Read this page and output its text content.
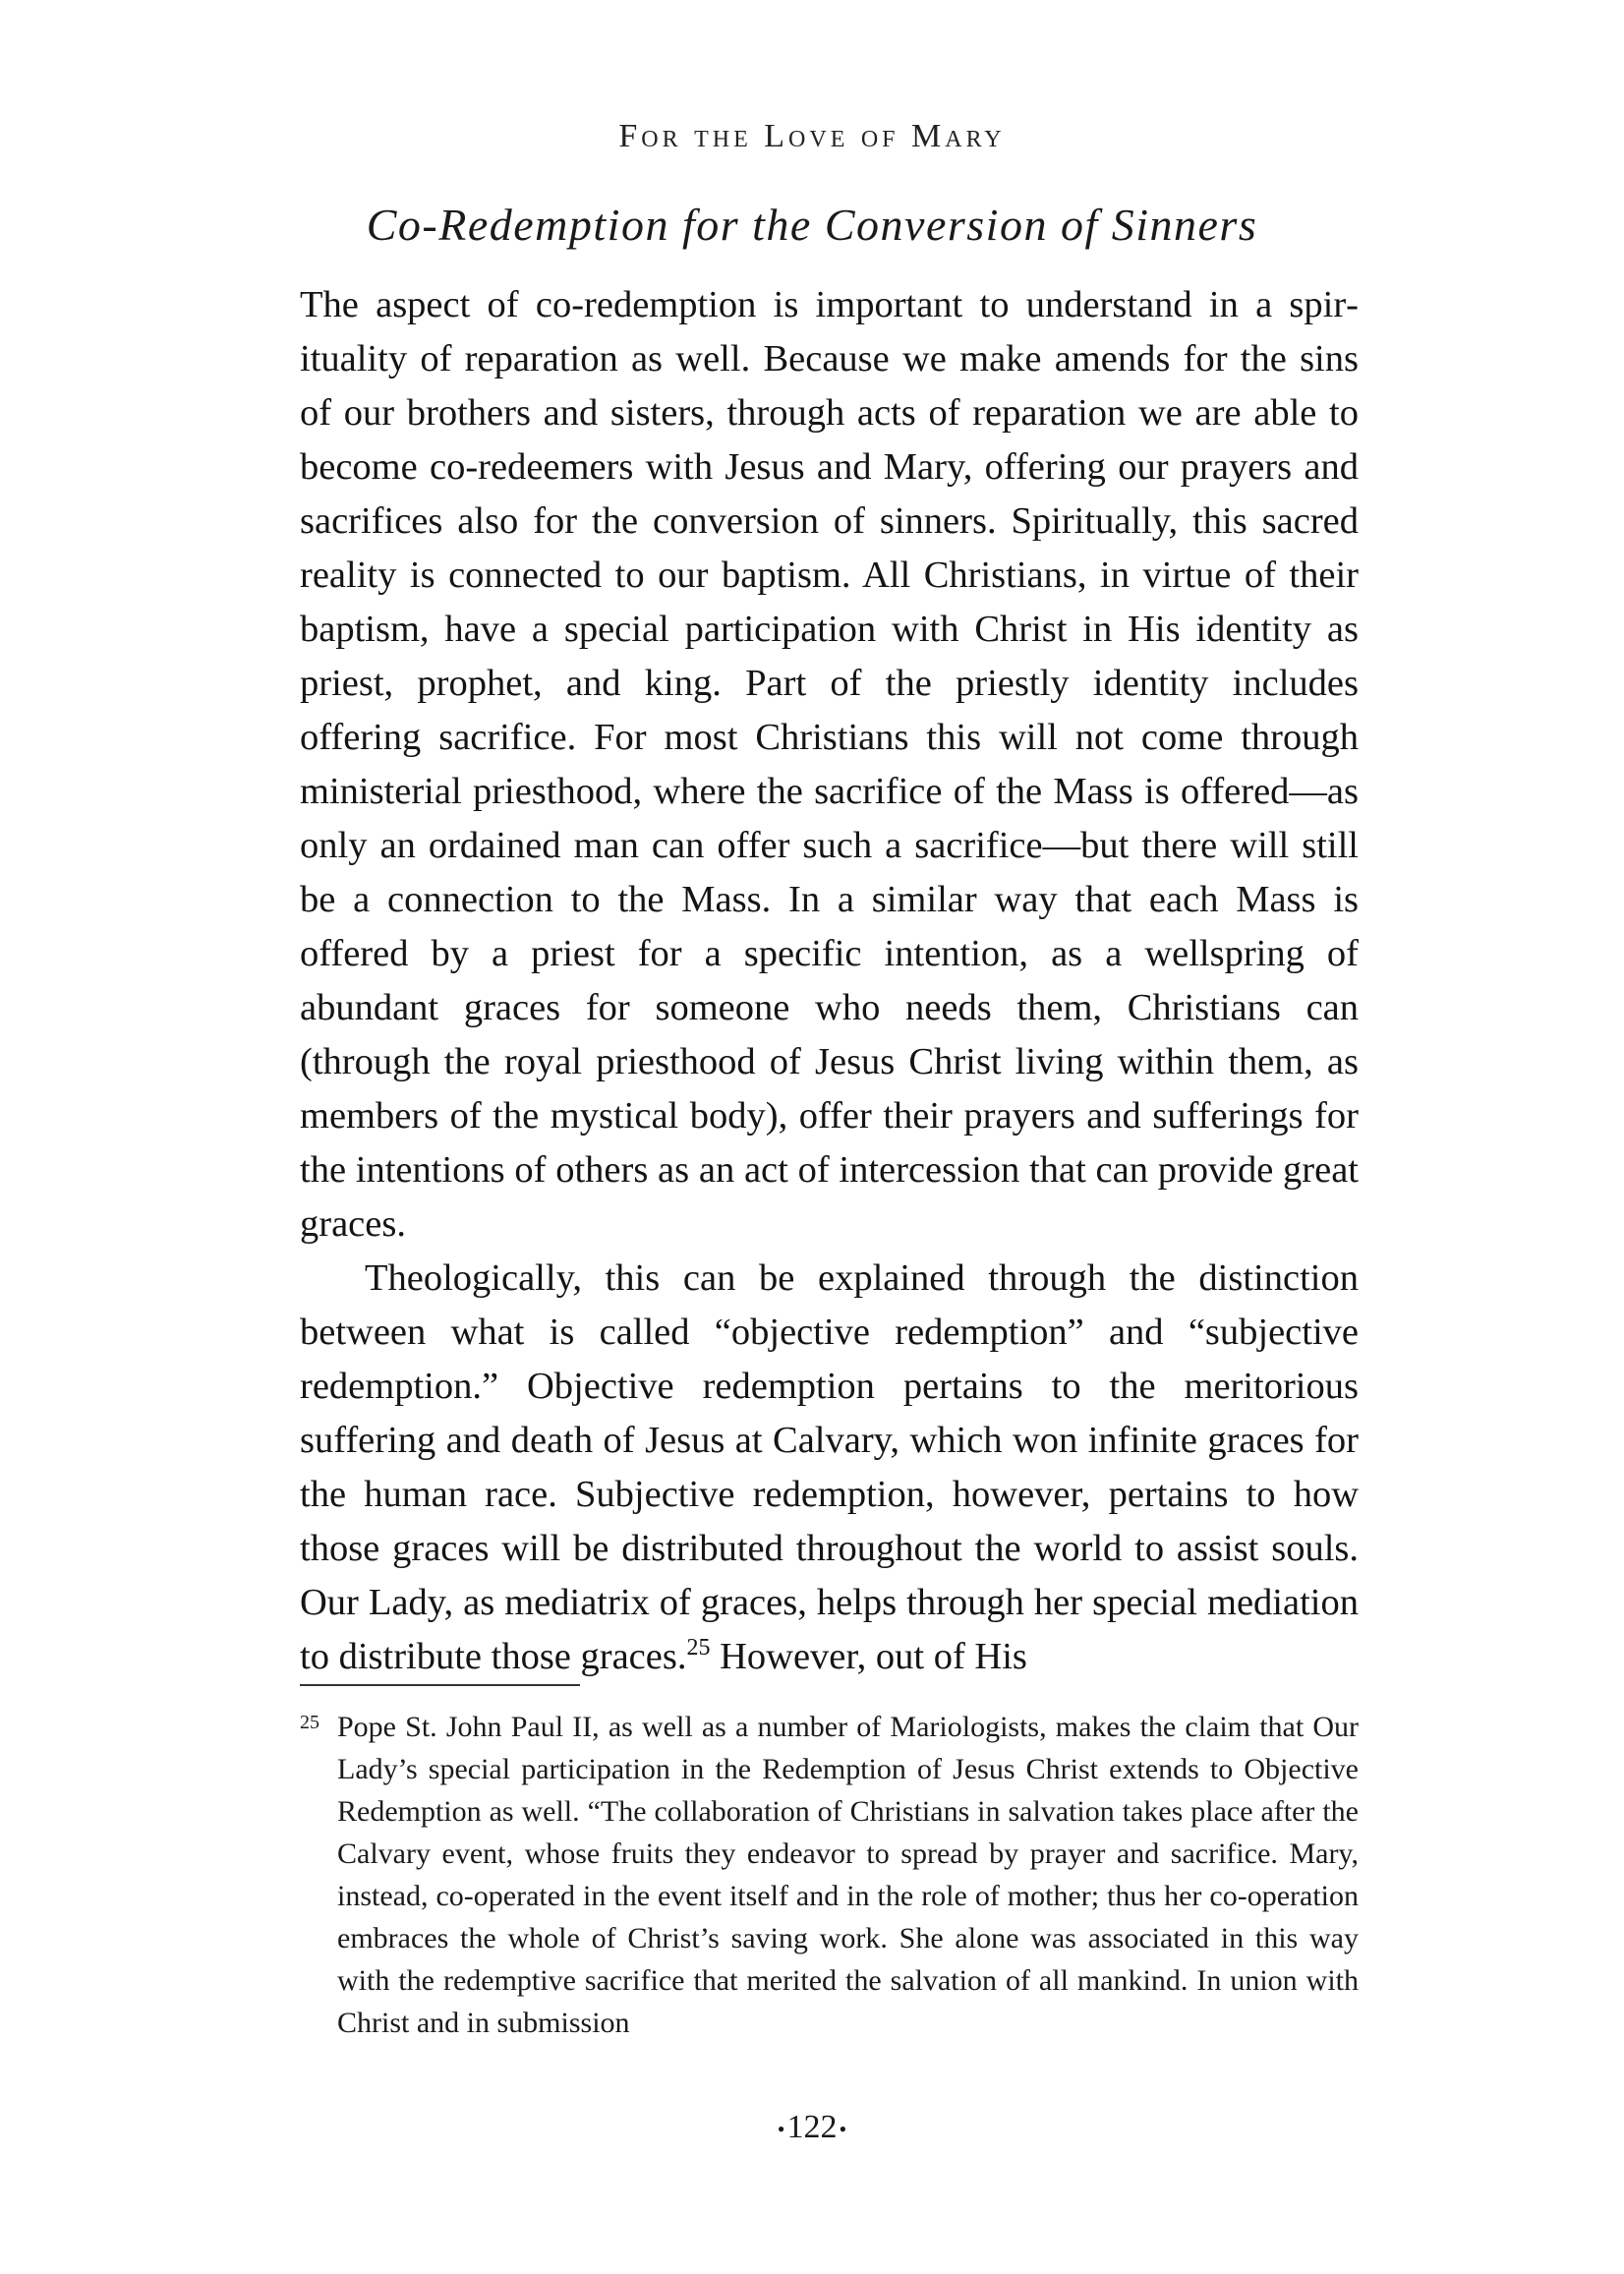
For the Love of Mary
Co-Redemption for the Conversion of Sinners

The aspect of co-redemption is important to understand in a spirituality of reparation as well. Because we make amends for the sins of our brothers and sisters, through acts of reparation we are able to become co-redeemers with Jesus and Mary, offering our prayers and sacrifices also for the conversion of sinners. Spiritually, this sacred reality is connected to our baptism. All Christians, in virtue of their baptism, have a special participation with Christ in His identity as priest, prophet, and king. Part of the priestly identity includes offering sacrifice. For most Christians this will not come through ministerial priesthood, where the sacrifice of the Mass is offered—as only an ordained man can offer such a sacrifice—but there will still be a connection to the Mass. In a similar way that each Mass is offered by a priest for a specific intention, as a wellspring of abundant graces for someone who needs them, Christians can (through the royal priesthood of Jesus Christ living within them, as members of the mystical body), offer their prayers and sufferings for the intentions of others as an act of intercession that can provide great graces.

Theologically, this can be explained through the distinction between what is called “objective redemption” and “subjective redemption.” Objective redemption pertains to the meritorious suffering and death of Jesus at Calvary, which won infinite graces for the human race. Subjective redemption, however, pertains to how those graces will be distributed throughout the world to assist souls. Our Lady, as mediatrix of graces, helps through her special mediation to distribute those graces.$^{25}$ However, out of His

25 Pope St. John Paul II, as well as a number of Mariologists, makes the claim that Our Lady’s special participation in the Redemption of Jesus Christ extends to Objective Redemption as well. “The collaboration of Christians in salvation takes place after the Calvary event, whose fruits they endeavor to spread by prayer and sacrifice. Mary, instead, co-operated in the event itself and in the role of mother; thus her co-operation embraces the whole of Christ’s saving work. She alone was associated in this way with the redemptive sacrifice that merited the salvation of all mankind. In union with Christ and in submission
•122•
